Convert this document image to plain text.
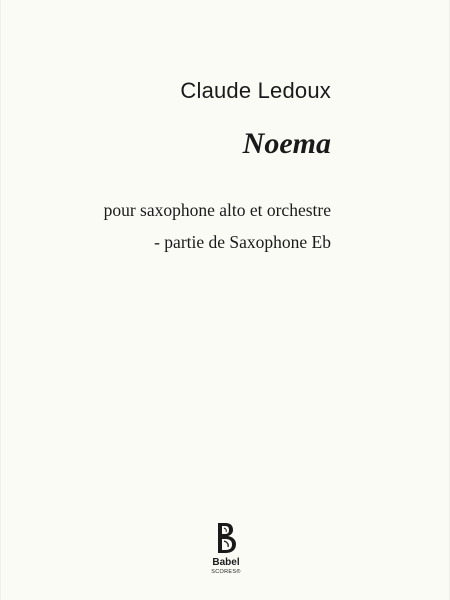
Claude Ledoux
Noema
pour saxophone alto et orchestre
- partie de Saxophone Eb
Babel
SCORES®
